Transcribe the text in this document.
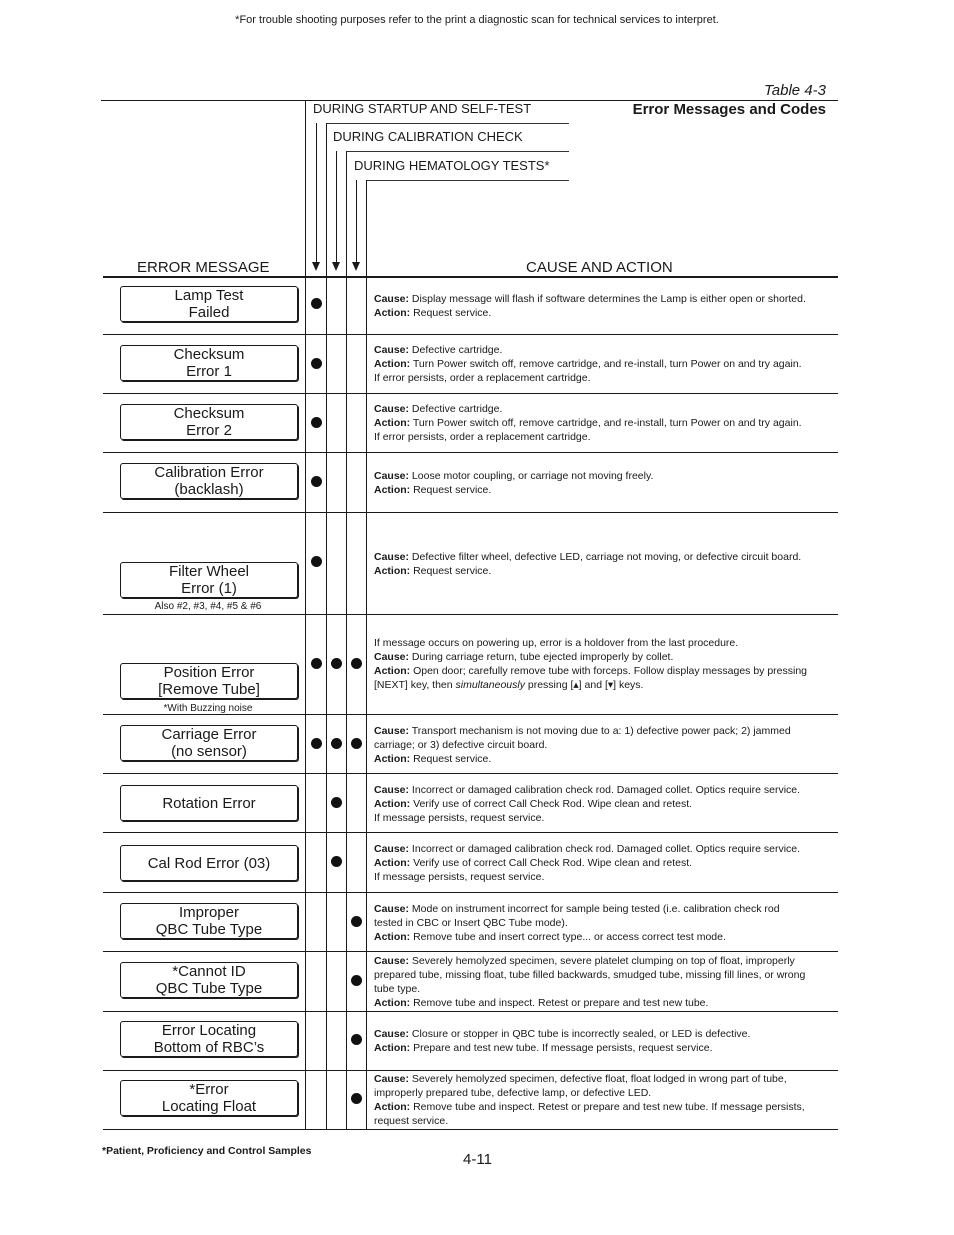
*For trouble shooting purposes refer to the print a diagnostic scan for technical services to interpret.
Table 4-3
Error Messages and Codes
DURING STARTUP AND SELF-TEST
DURING CALIBRATION CHECK
DURING HEMATOLOGY TESTS*
ERROR MESSAGE	CAUSE AND ACTION
Lamp Test
Failed
Cause: Display message will flash if software determines the Lamp is either open or shorted.
Action: Request service.
Checksum
Error 1
Cause: Defective cartridge.
Action: Turn Power switch off, remove cartridge, and re-install, turn Power on and try again.
If error persists, order a replacement cartridge.
Checksum
Error 2
Cause: Defective cartridge.
Action: Turn Power switch off, remove cartridge, and re-install, turn Power on and try again.
If error persists, order a replacement cartridge.
Calibration Error
(backlash)
Cause: Loose motor coupling, or carriage not moving freely.
Action: Request service.
Filter Wheel
Error (1)
Also #2, #3, #4, #5 & #6
Cause: Defective filter wheel, defective LED, carriage not moving, or defective circuit board.
Action: Request service.
Position Error
[Remove Tube]
*With Buzzing noise
If message occurs on powering up, error is a holdover from the last procedure.
Cause: During carriage return, tube ejected improperly by collet.
Action: Open door; carefully remove tube with forceps. Follow display messages by pressing
[NEXT] key, then simultaneously pressing [▴] and [▾] keys.
Carriage Error
(no sensor)
Cause: Transport mechanism is not moving due to a: 1) defective power pack; 2) jammed
carriage; or 3) defective circuit board.
Action: Request service.
Rotation Error
Cause: Incorrect or damaged calibration check rod. Damaged collet. Optics require service.
Action: Verify use of correct Call Check Rod. Wipe clean and retest.
If message persists, request service.
Cal Rod Error (03)
Cause: Incorrect or damaged calibration check rod. Damaged collet. Optics require service.
Action: Verify use of correct Call Check Rod. Wipe clean and retest.
If message persists, request service.
Improper
QBC Tube Type
Cause: Mode on instrument incorrect for sample being tested (i.e. calibration check rod
tested in CBC or Insert QBC Tube mode).
Action: Remove tube and insert correct type... or access correct test mode.
*Cannot ID
QBC Tube Type
Cause: Severely hemolyzed specimen, severe platelet clumping on top of float, improperly
prepared tube, missing float, tube filled backwards, smudged tube, missing fill lines, or wrong
tube type.
Action: Remove tube and inspect. Retest or prepare and test new tube.
Error Locating
Bottom of RBC’s
Cause: Closure or stopper in QBC tube is incorrectly sealed, or LED is defective.
Action: Prepare and test new tube. If message persists, request service.
*Error
Locating Float
Cause: Severely hemolyzed specimen, defective float, float lodged in wrong part of tube,
improperly prepared tube, defective lamp, or defective LED.
Action: Remove tube and inspect. Retest or prepare and test new tube. If message persists,
request service.
*Patient, Proficiency and Control Samples	4-11
